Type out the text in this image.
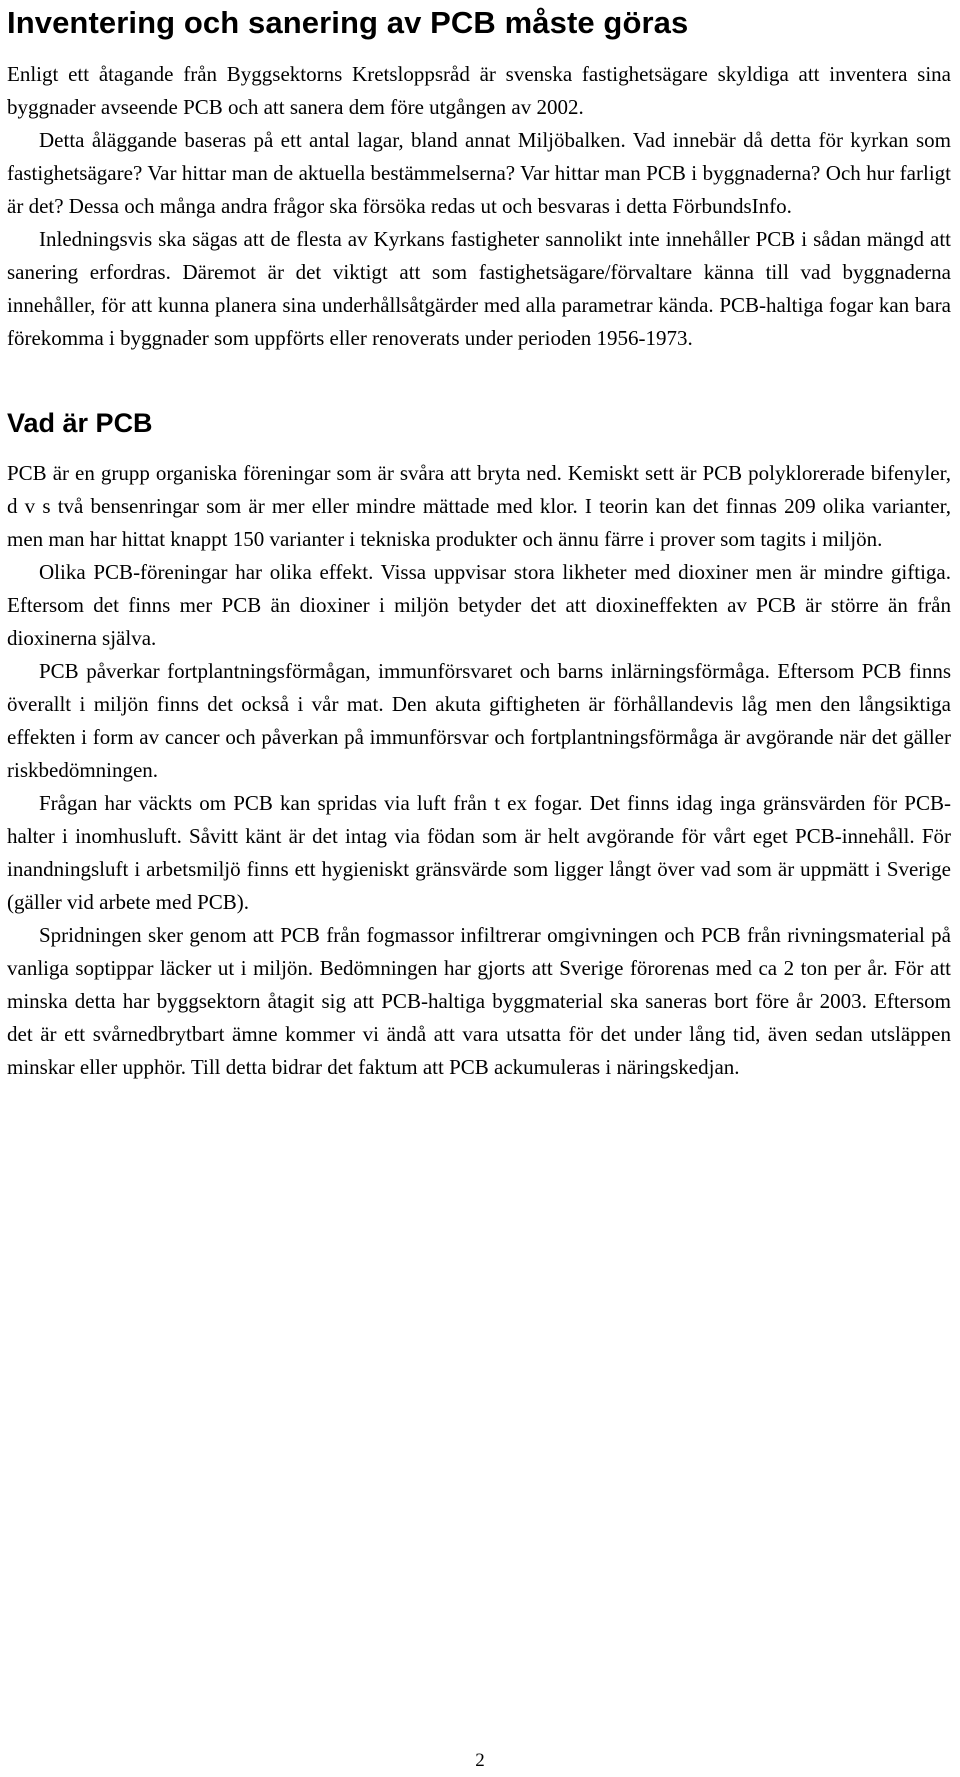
Inventering och sanering av PCB måste göras

Enligt ett åtagande från Byggsektorns Kretsloppsråd är svenska fastighetsägare skyldiga att inventera sina byggnader avseende PCB och att sanera dem före utgången av 2002.

Detta åläggande baseras på ett antal lagar, bland annat Miljöbalken. Vad innebär då detta för kyrkan som fastighetsägare? Var hittar man de aktuella bestämmelserna? Var hittar man PCB i byggnaderna? Och hur farligt är det? Dessa och många andra frågor ska försöka redas ut och besvaras i detta FörbundsInfo.

Inledningsvis ska sägas att de flesta av Kyrkans fastigheter sannolikt inte innehåller PCB i sådan mängd att sanering erfordras. Däremot är det viktigt att som fastighetsägare/förvaltare känna till vad byggnaderna innehåller, för att kunna planera sina underhållsåtgärder med alla parametrar kända. PCB-haltiga fogar kan bara förekomma i byggnader som uppförts eller renoverats under perioden 1956-1973.

Vad är PCB

PCB är en grupp organiska föreningar som är svåra att bryta ned. Kemiskt sett är PCB polyklorerade bifenyler, d v s två bensenringar som är mer eller mindre mättade med klor. I teorin kan det finnas 209 olika varianter, men man har hittat knappt 150 varianter i tekniska produkter och ännu färre i prover som tagits i miljön.

Olika PCB-föreningar har olika effekt. Vissa uppvisar stora likheter med dioxiner men är mindre giftiga. Eftersom det finns mer PCB än dioxiner i miljön betyder det att dioxineffekten av PCB är större än från dioxinerna själva.

PCB påverkar fortplantningsförmågan, immunförsvaret och barns inlärningsförmåga. Eftersom PCB finns överallt i miljön finns det också i vår mat. Den akuta giftigheten är förhållandevis låg men den långsiktiga effekten i form av cancer och påverkan på immunförsvar och fortplantningsförmåga är avgörande när det gäller riskbedömningen.

Frågan har väckts om PCB kan spridas via luft från t ex fogar. Det finns idag inga gränsvärden för PCB-halter i inomhusluft. Såvitt känt är det intag via födan som är helt avgörande för vårt eget PCB-innehåll. För inandningsluft i arbetsmiljö finns ett hygieniskt gränsvärde som ligger långt över vad som är uppmätt i Sverige (gäller vid arbete med PCB).

Spridningen sker genom att PCB från fogmassor infiltrerar omgivningen och PCB från rivningsmaterial på vanliga soptippar läcker ut i miljön. Bedömningen har gjorts att Sverige förorenas med ca 2 ton per år. För att minska detta har byggsektorn åtagit sig att PCB-haltiga byggmaterial ska saneras bort före år 2003. Eftersom det är ett svårnedbrytbart ämne kommer vi ändå att vara utsatta för det under lång tid, även sedan utsläppen minskar eller upphör. Till detta bidrar det faktum att PCB ackumuleras i näringskedjan.

2
